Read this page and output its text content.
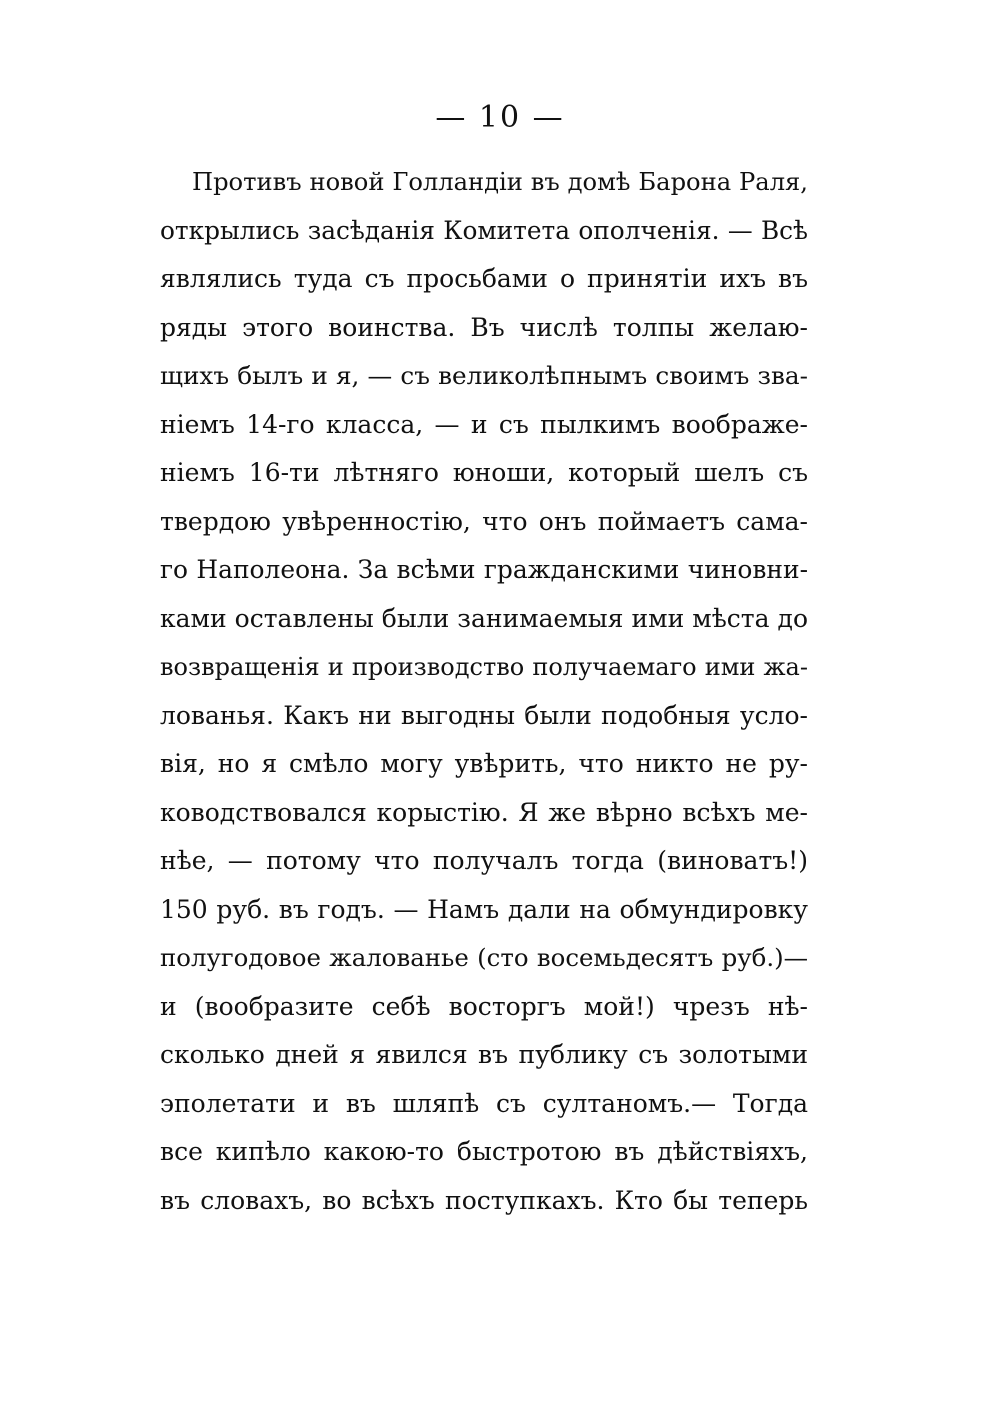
— 10 —
Противъ новой Голландіи въ домѣ Барона Раля,
открылись засѣданія Комитета ополченія. — Всѣ
являлись туда съ просьбами о принятіи ихъ въ
ряды этого воинства. Въ числѣ толпы желаю-
щихъ былъ и я, — съ великолѣпнымъ своимъ зва-
ніемъ 14-го класса, — и съ пылкимъ воображе-
ніемъ 16-ти лѣтняго юноши, который шелъ съ
твердою увѣренностію, что онъ поймаетъ сама-
го Наполеона. За всѣми гражданскими чиновни-
ками оставлены были занимаемыя ими мѣста до
возвращенія и производство получаемаго ими жа-
лованья. Какъ ни выгодны были подобныя усло-
вія, но я смѣло могу увѣрить, что никто не ру-
ководствовался корыстію. Я же вѣрно всѣхъ ме-
нѣе, — потому что получалъ тогда (виноватъ!)
150 руб. въ годъ. — Намъ дали на обмундировку
полугодовое жалованье (сто восемьдесятъ руб.)—
и (вообразите себѣ восторгъ мой!) чрезъ нѣ-
сколько дней я явился въ публику съ золотыми
эполетати и въ шляпѣ съ султаномъ.— Тогда
все кипѣло какою-то быстротою въ дѣйствіяхъ,
въ словахъ, во всѣхъ поступкахъ. Кто бы теперь
